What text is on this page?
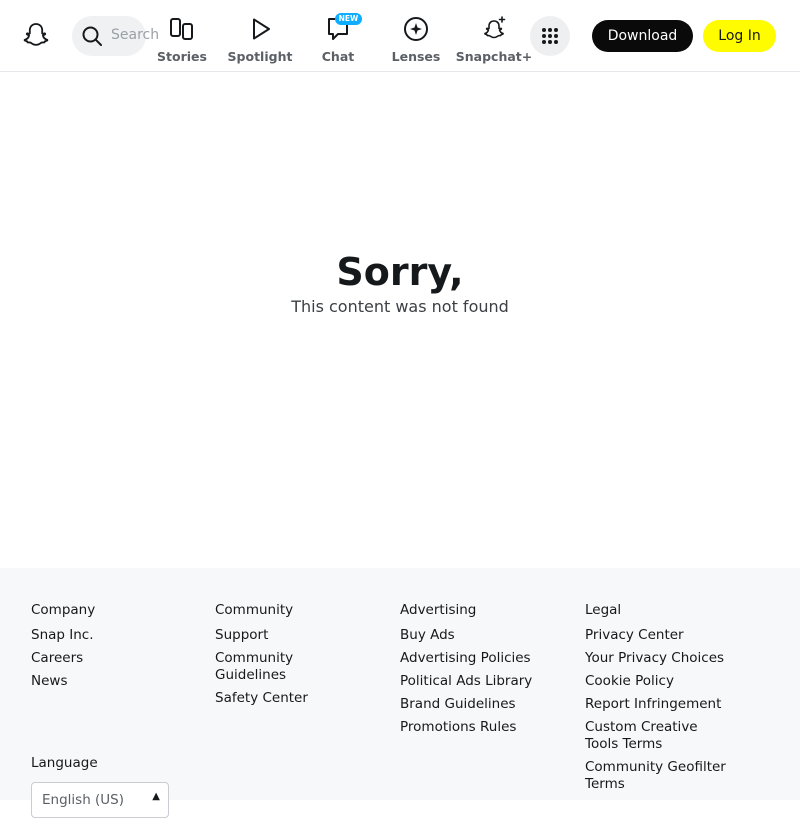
Search
Stories	Spotlight	Chat
NEW
Lenses	Snapchat+
Download	Log In
Sorry,
This content was not found
Company
Snap Inc.
Careers
News
Community
Support
Community Guidelines
Safety Center
Advertising
Buy Ads
Advertising Policies
Political Ads Library
Brand Guidelines
Promotions Rules
Legal
Privacy Center
Your Privacy Choices
Cookie Policy
Report Infringement
Custom Creative Tools Terms
Community Geofilter Terms
Language
English (US)	▲
